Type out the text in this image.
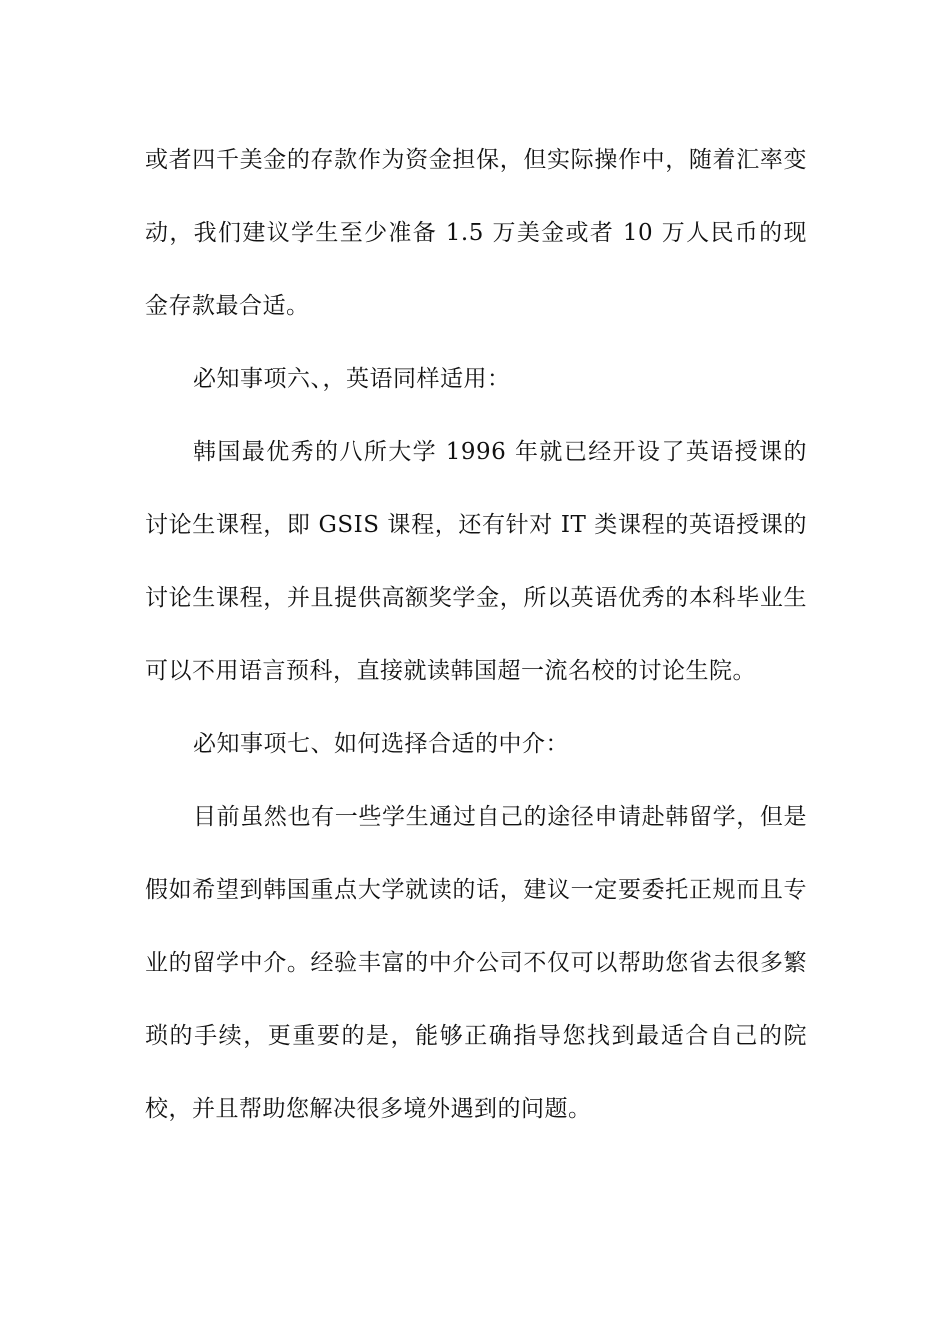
或者四千美金的存款作为资金担保，但实际操作中，随着汇率变动，我们建议学生至少准备 1.5 万美金或者 10 万人民币的现金存款最合适。

必知事项六、，英语同样适用：

韩国最优秀的八所大学 1996 年就已经开设了英语授课的讨论生课程，即 GSIS 课程，还有针对 IT 类课程的英语授课的讨论生课程，并且提供高额奖学金，所以英语优秀的本科毕业生可以不用语言预科，直接就读韩国超一流名校的讨论生院。

必知事项七、如何选择合适的中介：

目前虽然也有一些学生通过自己的途径申请赴韩留学，但是假如希望到韩国重点大学就读的话，建议一定要委托正规而且专业的留学中介。经验丰富的中介公司不仅可以帮助您省去很多繁琐的手续，更重要的是，能够正确指导您找到最适合自己的院校，并且帮助您解决很多境外遇到的问题。
